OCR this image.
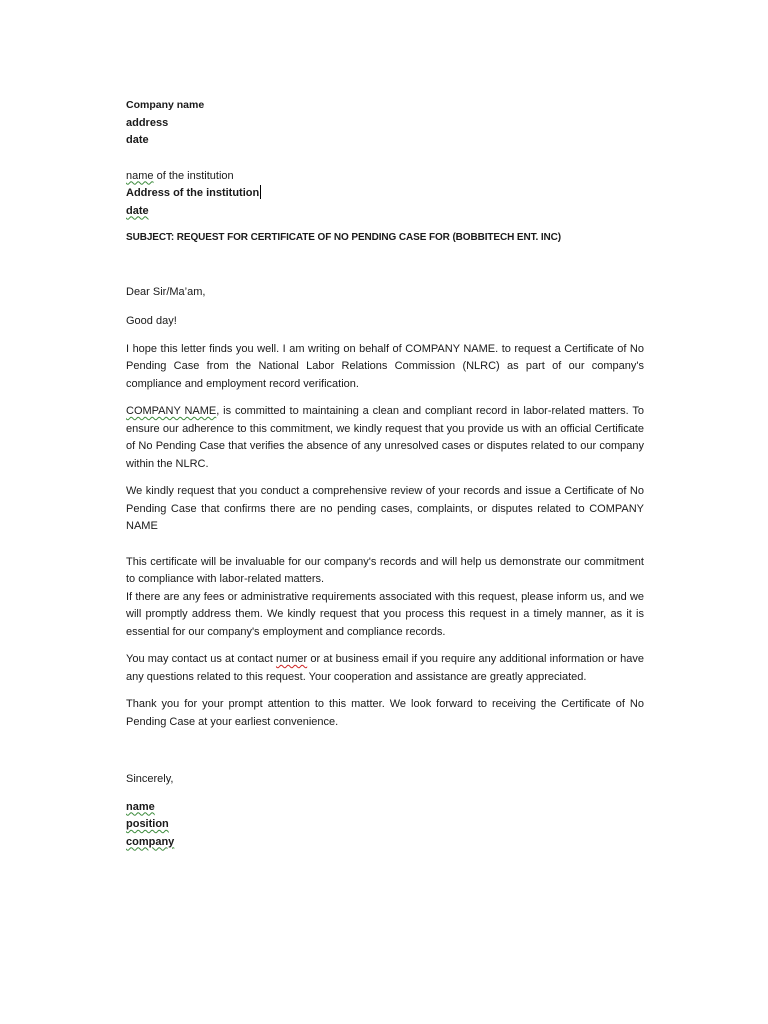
Company name
address
date
name of the institution
Address of the institution
date
SUBJECT: REQUEST FOR CERTIFICATE OF NO PENDING CASE FOR (BOBBITECH ENT. INC)
Dear Sir/Ma’am,
Good day!

I hope this letter finds you well. I am writing on behalf of COMPANY NAME. to request a Certificate of No Pending Case from the National Labor Relations Commission (NLRC) as part of our company's compliance and employment record verification.

COMPANY NAME, is committed to maintaining a clean and compliant record in labor-related matters. To ensure our adherence to this commitment, we kindly request that you provide us with an official Certificate of No Pending Case that verifies the absence of any unresolved cases or disputes related to our company within the NLRC.

We kindly request that you conduct a comprehensive review of your records and issue a Certificate of No Pending Case that confirms there are no pending cases, complaints, or disputes related to COMPANY NAME

This certificate will be invaluable for our company's records and will help us demonstrate our commitment to compliance with labor-related matters.

If there are any fees or administrative requirements associated with this request, please inform us, and we will promptly address them. We kindly request that you process this request in a timely manner, as it is essential for our company's employment and compliance records.

You may contact us at contact numer or at business email if you require any additional information or have any questions related to this request. Your cooperation and assistance are greatly appreciated.

Thank you for your prompt attention to this matter. We look forward to receiving the Certificate of No Pending Case at your earliest convenience.

Sincerely,
name
position
company
